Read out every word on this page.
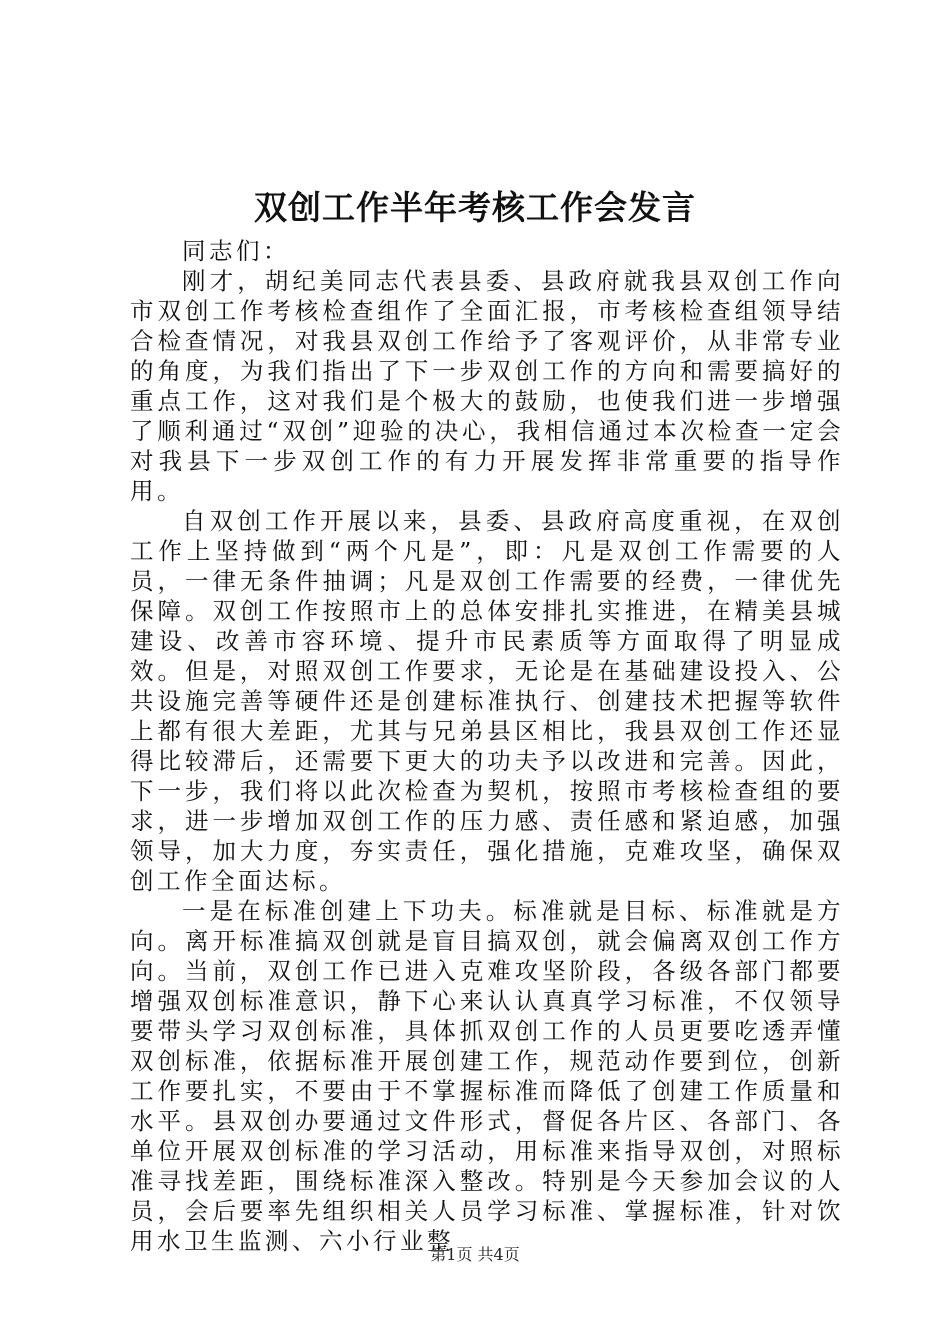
双创工作半年考核工作会发言

同志们：

刚才，胡纪美同志代表县委、县政府就我县双创工作向市双创工作考核检查组作了全面汇报，市考核检查组领导结合检查情况，对我县双创工作给予了客观评价，从非常专业的角度，为我们指出了下一步双创工作的方向和需要搞好的重点工作，这对我们是个极大的鼓励，也使我们进一步增强了顺利通过“双创”迎验的决心，我相信通过本次检查一定会对我县下一步双创工作的有力开展发挥非常重要的指导作用。

自双创工作开展以来，县委、县政府高度重视，在双创工作上坚持做到“两个凡是”，即：凡是双创工作需要的人员，一律无条件抽调；凡是双创工作需要的经费，一律优先保障。双创工作按照市上的总体安排扎实推进，在精美县城建设、改善市容环境、提升市民素质等方面取得了明显成效。但是，对照双创工作要求，无论是在基础建设投入、公共设施完善等硬件还是创建标准执行、创建技术把握等软件上都有很大差距，尤其与兄弟县区相比，我县双创工作还显得比较滞后，还需要下更大的功夫予以改进和完善。因此，下一步，我们将以此次检查为契机，按照市考核检查组的要求，进一步增加双创工作的压力感、责任感和紧迫感，加强领导，加大力度，夯实责任，强化措施，克难攻坚，确保双创工作全面达标。

一是在标准创建上下功夫。标准就是目标、标准就是方向。离开标准搞双创就是盲目搞双创，就会偏离双创工作方向。当前，双创工作已进入克难攻坚阶段，各级各部门都要增强双创标准意识，静下心来认认真真学习标准，不仅领导要带头学习双创标准，具体抓双创工作的人员更要吃透弄懂双创标准，依据标准开展创建工作，规范动作要到位，创新工作要扎实，不要由于不掌握标准而降低了创建工作质量和水平。县双创办要通过文件形式，督促各片区、各部门、各单位开展双创标准的学习活动，用标准来指导双创，对照标准寻找差距，围绕标准深入整改。特别是今天参加会议的人员，会后要率先组织相关人员学习标准、掌握标准，针对饮用水卫生监测、六小行业整

第1页 共4页
